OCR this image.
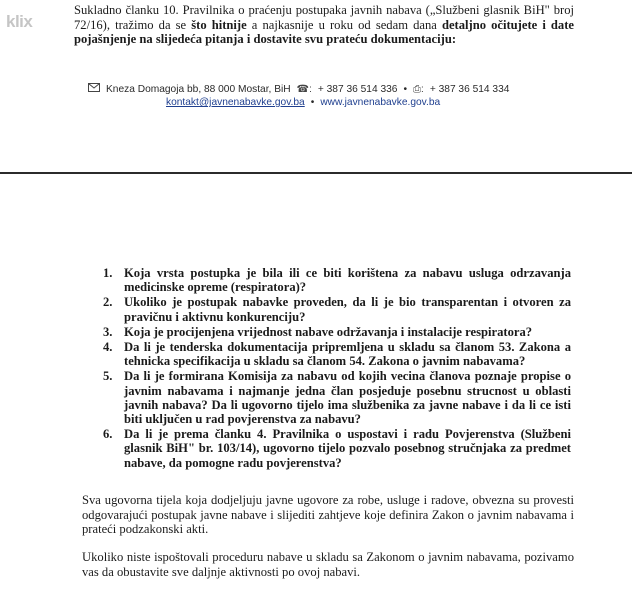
klix
Sukladno članku 10. Pravilnika o praćenju postupaka javnih nabava („Službeni glasnik BiH" broj 72/16), tražimo da se što hitnije a najkasnije u roku od sedam dana detaljno očitujete i date pojašnjenje na slijedeća pitanja i dostavite svu prateću dokumentaciju:
Kneza Domagoja bb, 88 000 Mostar, BiH ☎: + 387 36 514 336 • ⎙: + 387 36 514 334
kontakt@javnenabavke.gov.ba • www.javnenabavke.gov.ba
1. Koja vrsta postupka je bila ili ce biti korištena za nabavu usluga odrzavanja medicinske opreme (respiratora)?
2. Ukoliko je postupak nabavke proveden, da li je bio transparentan i otvoren za pravičnu i aktivnu konkurenciju?
3. Koja je procijenjena vrijednost nabave održavanja i instalacije respiratora?
4. Da li je tenderska dokumentacija pripremljena u skladu sa članom 53. Zakona a tehnicka specifikacija u skladu sa članom 54. Zakona o javnim nabavama?
5. Da li je formirana Komisija za nabavu od kojih vecina članova poznaje propise o javnim nabavama i najmanje jedna član posjeduje posebnu strucnost u oblasti javnih nabava? Da li ugovorno tijelo ima službenika za javne nabave i da li ce isti biti uključen u rad povjerenstva za nabavu?
6. Da li je prema članku 4. Pravilnika o uspostavi i radu Povjerenstva (Službeni glasnik BiH" br. 103/14), ugovorno tijelo pozvalo posebnog stručnjaka za predmet nabave, da pomogne radu povjerenstva?
Sva ugovorna tijela koja dodjeljuju javne ugovore za robe, usluge i radove, obvezna su provesti odgovarajući postupak javne nabave i slijediti zahtjeve koje definira Zakon o javnim nabavama i prateći podzakonski akti.
Ukoliko niste ispoštovali proceduru nabave u skladu sa Zakonom o javnim nabavama, pozivamo vas da obustavite sve daljnje aktivnosti po ovoj nabavi.
